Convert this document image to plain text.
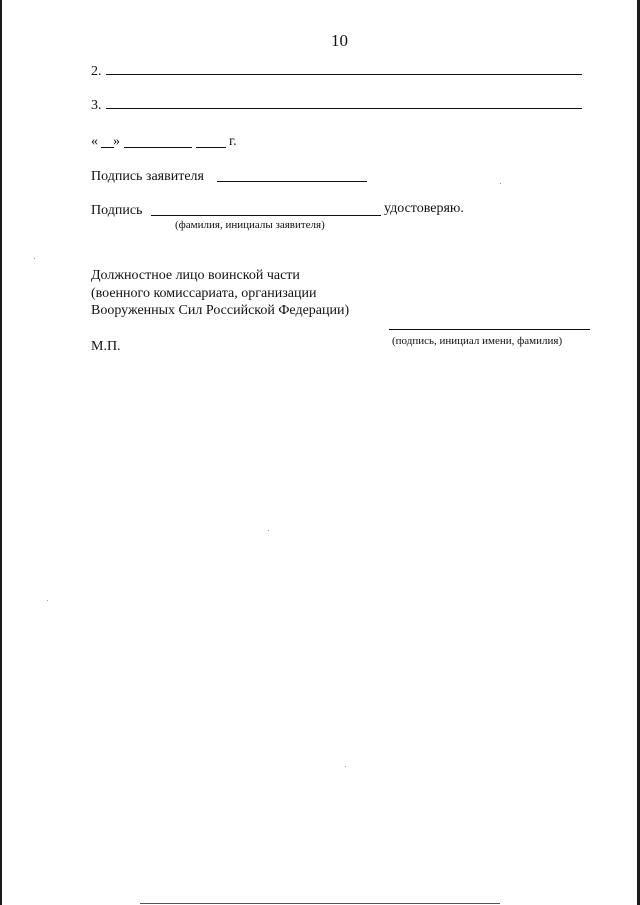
10
2.
3.
« »	г.
Подпись заявителя
Подпись	удостоверяю.
(фамилия, инициалы заявителя)
Должностное лицо воинской части
(военного комиссариата, организации
Вооруженных Сил Российской Федерации)
(подпись, инициал имени, фамилия)
М.П.
